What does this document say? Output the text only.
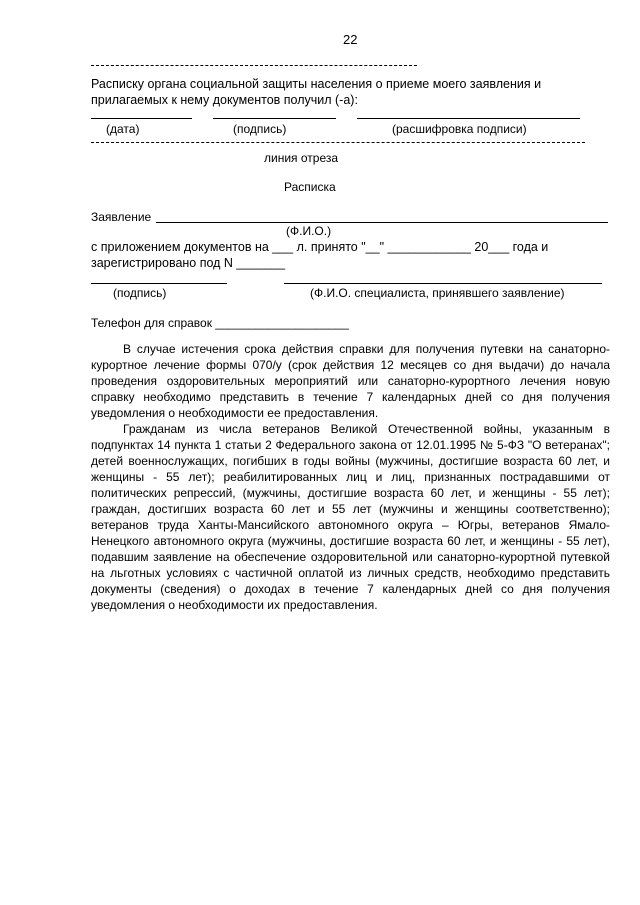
22
Расписку органа социальной защиты населения о приеме моего заявления и
прилагаемых к нему документов получил (-а):
(дата)	(подпись)	(расшифровка подписи)
линия отреза
Расписка
Заявление
(Ф.И.О.)
с приложением документов на ___ л. принято "__" ____________ 20___ года и
зарегистрировано под N _______
(подпись)	(Ф.И.О. специалиста, принявшего заявление)
Телефон для справок ____________________

В случае истечения срока действия справки для получения путевки на санаторно-курортное лечение формы 070/у (срок действия 12 месяцев со дня выдачи) до начала проведения оздоровительных мероприятий или санаторно-курортного лечения новую справку необходимо представить в течение 7 календарных дней со дня получения уведомления о необходимости ее предоставления.

Гражданам из числа ветеранов Великой Отечественной войны, указанным в подпунктах 14 пункта 1 статьи 2 Федерального закона от 12.01.1995 № 5-ФЗ "О ветеранах"; детей военнослужащих, погибших в годы войны (мужчины, достигшие возраста 60 лет, и женщины - 55 лет); реабилитированных лиц и лиц, признанных пострадавшими от политических репрессий, (мужчины, достигшие возраста 60 лет, и женщины - 55 лет); граждан, достигших возраста 60 лет и 55 лет (мужчины и женщины соответственно); ветеранов труда Ханты-Мансийского автономного округа – Югры, ветеранов Ямало-Ненецкого автономного округа (мужчины, достигшие возраста 60 лет, и женщины - 55 лет), подавшим заявление на обеспечение оздоровительной или санаторно-курортной путевкой на льготных условиях с частичной оплатой из личных средств, необходимо представить документы (сведения) о доходах в течение 7 календарных дней со дня получения уведомления о необходимости их предоставления.
